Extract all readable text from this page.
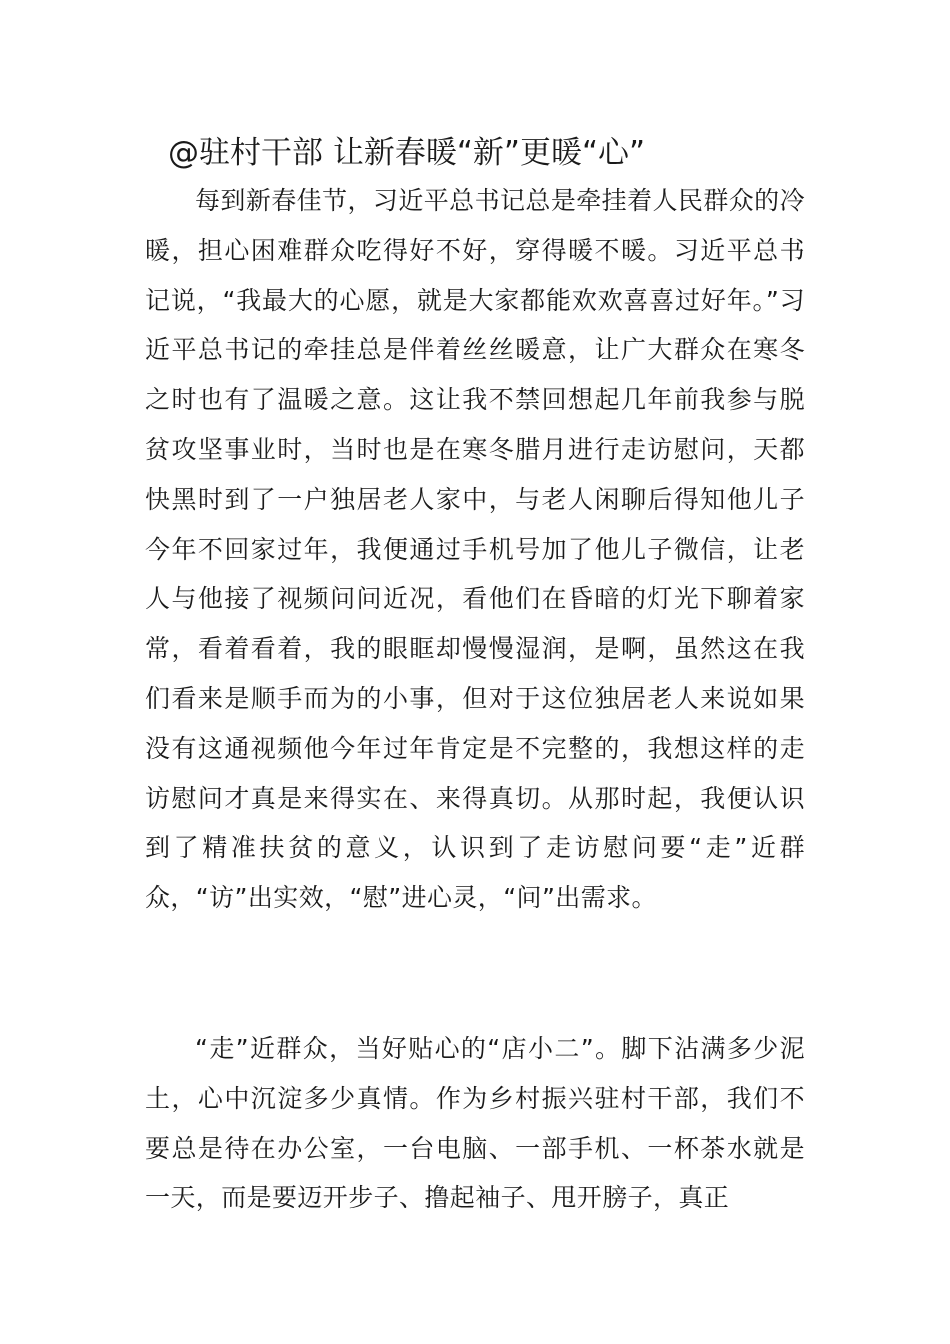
@驻村干部 让新春暖“新”更暖“心”

每到新春佳节，习近平总书记总是牵挂着人民群众的冷暖，担心困难群众吃得好不好，穿得暖不暖。习近平总书记说，“我最大的心愿，就是大家都能欢欢喜喜过好年。”习近平总书记的牵挂总是伴着丝丝暖意，让广大群众在寒冬之时也有了温暖之意。这让我不禁回想起几年前我参与脱贫攻坚事业时，当时也是在寒冬腊月进行走访慰问，天都快黑时到了一户独居老人家中，与老人闲聊后得知他儿子今年不回家过年，我便通过手机号加了他儿子微信，让老人与他接了视频问问近况，看他们在昏暗的灯光下聊着家常，看着看着，我的眼眶却慢慢湿润，是啊，虽然这在我们看来是顺手而为的小事，但对于这位独居老人来说如果没有这通视频他今年过年肯定是不完整的，我想这样的走访慰问才真是来得实在、来得真切。从那时起，我便认识到了精准扶贫的意义，认识到了走访慰问要“走”近群众，“访”出实效，“慰”进心灵，“问”出需求。

“走”近群众，当好贴心的“店小二”。脚下沾满多少泥土，心中沉淀多少真情。作为乡村振兴驻村干部，我们不要总是待在办公室，一台电脑、一部手机、一杯茶水就是一天，而是要迈开步子、撸起袖子、甩开膀子，真正
